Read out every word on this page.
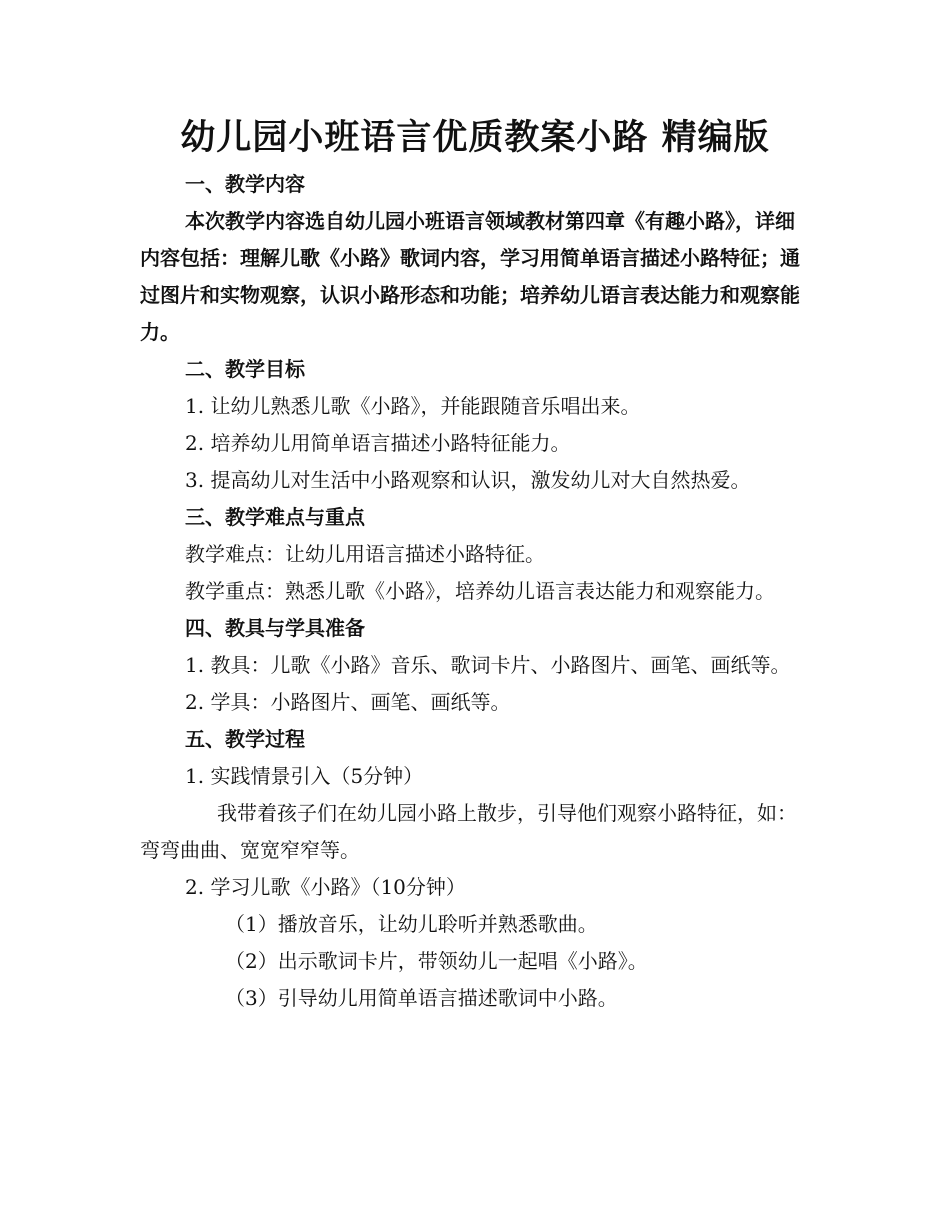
幼儿园小班语言优质教案小路 精编版

一、教学内容

本次教学内容选自幼儿园小班语言领域教材第四章《有趣小路》，详细内容包括：理解儿歌《小路》歌词内容，学习用简单语言描述小路特征；通过图片和实物观察，认识小路形态和功能；培养幼儿语言表达能力和观察能力。

二、教学目标

1. 让幼儿熟悉儿歌《小路》，并能跟随音乐唱出来。

2. 培养幼儿用简单语言描述小路特征能力。

3. 提高幼儿对生活中小路观察和认识，激发幼儿对大自然热爱。

三、教学难点与重点

教学难点：让幼儿用语言描述小路特征。

教学重点：熟悉儿歌《小路》，培养幼儿语言表达能力和观察能力。

四、教具与学具准备

1. 教具：儿歌《小路》音乐、歌词卡片、小路图片、画笔、画纸等。

2. 学具：小路图片、画笔、画纸等。

五、教学过程

1. 实践情景引入（5分钟）

我带着孩子们在幼儿园小路上散步，引导他们观察小路特征，如：弯弯曲曲、宽宽窄窄等。

2. 学习儿歌《小路》（10分钟）

（1）播放音乐，让幼儿聆听并熟悉歌曲。

（2）出示歌词卡片，带领幼儿一起唱《小路》。

（3）引导幼儿用简单语言描述歌词中小路。
